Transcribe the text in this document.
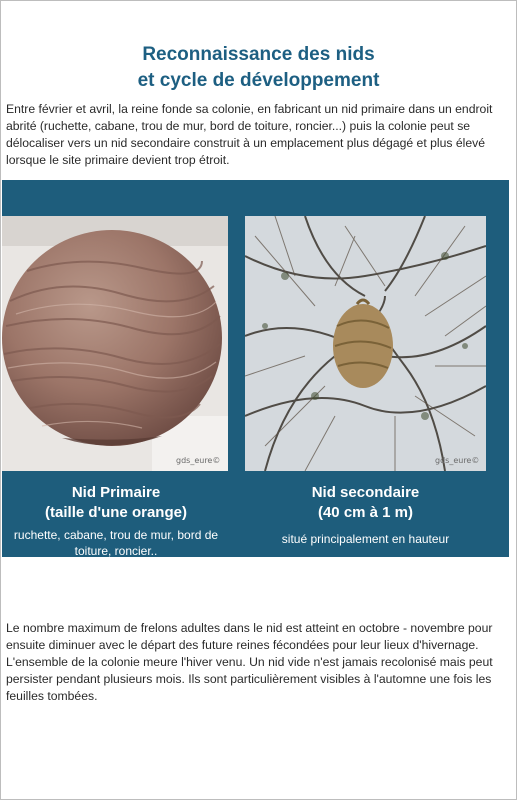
Reconnaissance des nids
et cycle de développement

Entre février et avril, la reine fonde sa colonie, en fabricant un nid primaire dans un endroit abrité (ruchette, cabane, trou de mur, bord de toiture, roncier...) puis la colonie peut se délocaliser vers un nid secondaire construit à un emplacement plus dégagé et plus élevé lorsque le site primaire devient trop étroit.

gds_eure©	gds_eure©
Nid Primaire
(taille d'une orange)
ruchette, cabane, trou de mur, bord de toiture, roncier..
Nid secondaire
(40 cm à 1 m)
situé principalement en hauteur

Le nombre maximum de frelons adultes dans le nid est atteint en octobre - novembre pour ensuite diminuer avec le départ des future reines fécondées pour leur lieux d'hivernage. L'ensemble de la colonie meure l'hiver venu. Un nid vide n'est jamais recolonisé mais peut persister pendant plusieurs mois. Ils sont particulièrement visibles à l'automne une fois les feuilles tombées.
